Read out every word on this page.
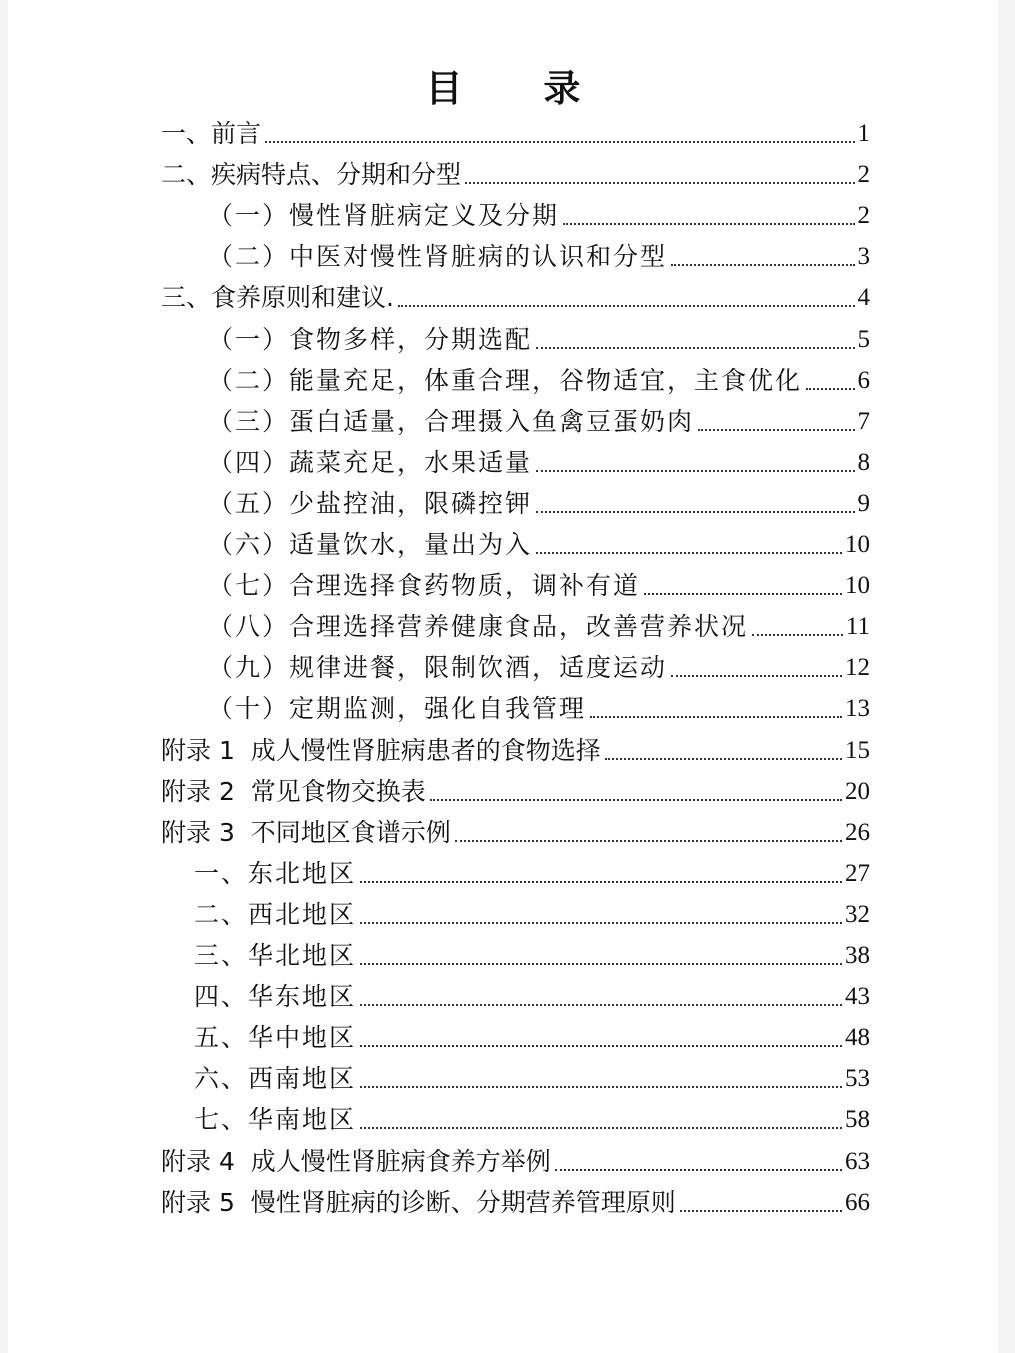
目 录
一、前言	1
二、疾病特点、分期和分型	2
（一）慢性肾脏病定义及分期	2
（二）中医对慢性肾脏病的认识和分型	3
三、食养原则和建议.	4
（一）食物多样，分期选配	5
（二）能量充足，体重合理，谷物适宜，主食优化 6
（三）蛋白适量，合理摄入鱼禽豆蛋奶肉	7
（四）蔬菜充足，水果适量	8
（五）少盐控油，限磷控钾	9
（六）适量饮水，量出为入	10
（七）合理选择食药物质，调补有道	10
（八）合理选择营养健康食品，改善营养状况	11
（九）规律进餐，限制饮酒，适度运动	12
（十）定期监测，强化自我管理	13
附录 1  成人慢性肾脏病患者的食物选择	15
附录 2  常见食物交换表	20
附录 3  不同地区食谱示例	26
一、东北地区	27
二、西北地区	32
三、华北地区	38
四、华东地区	43
五、华中地区	48
六、西南地区	53
七、华南地区	58
附录 4  成人慢性肾脏病食养方举例	63
附录 5  慢性肾脏病的诊断、分期营养管理原则	66
